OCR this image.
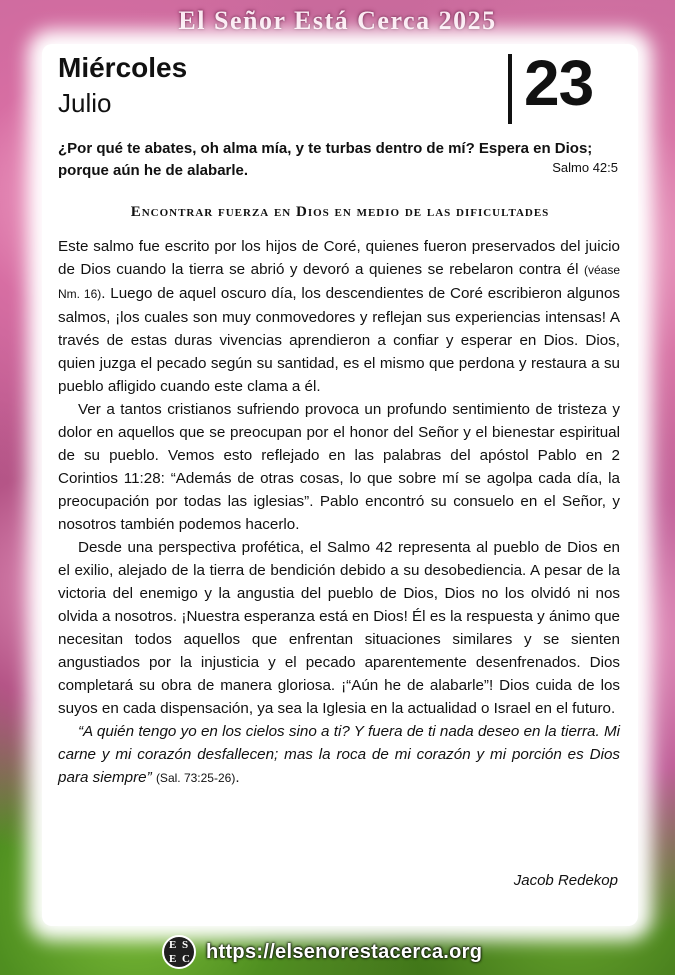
El Señor Está Cerca 2025
Miércoles
Julio	23
¿Por qué te abates, oh alma mía, y te turbas dentro de mí? Espera en Dios; porque aún he de alabarle.	Salmo 42:5
Encontrar fuerza en Dios en medio de las dificultades

Este salmo fue escrito por los hijos de Coré, quienes fueron preservados del juicio de Dios cuando la tierra se abrió y devoró a quienes se rebelaron contra él (véase Nm. 16). Luego de aquel oscuro día, los descendientes de Coré escribieron algunos salmos, ¡los cuales son muy conmovedores y reflejan sus experiencias intensas! A través de estas duras vivencias aprendieron a confiar y esperar en Dios. Dios, quien juzga el pecado según su santidad, es el mismo que perdona y restaura a su pueblo afligido cuando este clama a él.

Ver a tantos cristianos sufriendo provoca un profundo sentimiento de tristeza y dolor en aquellos que se preocupan por el honor del Señor y el bienestar espiritual de su pueblo. Vemos esto reflejado en las palabras del apóstol Pablo en 2 Corintios 11:28: “Además de otras cosas, lo que sobre mí se agolpa cada día, la preocupación por todas las iglesias”. Pablo encontró su consuelo en el Señor, y nosotros también podemos hacerlo.

Desde una perspectiva profética, el Salmo 42 representa al pueblo de Dios en el exilio, alejado de la tierra de bendición debido a su desobediencia. A pesar de la victoria del enemigo y la angustia del pueblo de Dios, Dios no los olvidó ni nos olvida a nosotros. ¡Nuestra esperanza está en Dios! Él es la respuesta y ánimo que necesitan todos aquellos que enfrentan situaciones similares y se sienten angustiados por la injusticia y el pecado aparentemente desenfrenados. Dios completará su obra de manera gloriosa. ¡“Aún he de alabarle”! Dios cuida de los suyos en cada dispensación, ya sea la Iglesia en la actualidad o Israel en el futuro.

“A quién tengo yo en los cielos sino a ti? Y fuera de ti nada deseo en la tierra. Mi carne y mi corazón desfallecen; mas la roca de mi corazón y mi porción es Dios para siempre” (Sal. 73:25-26).

Jacob Redekop
E S
E C https://elsenorestacerca.org
